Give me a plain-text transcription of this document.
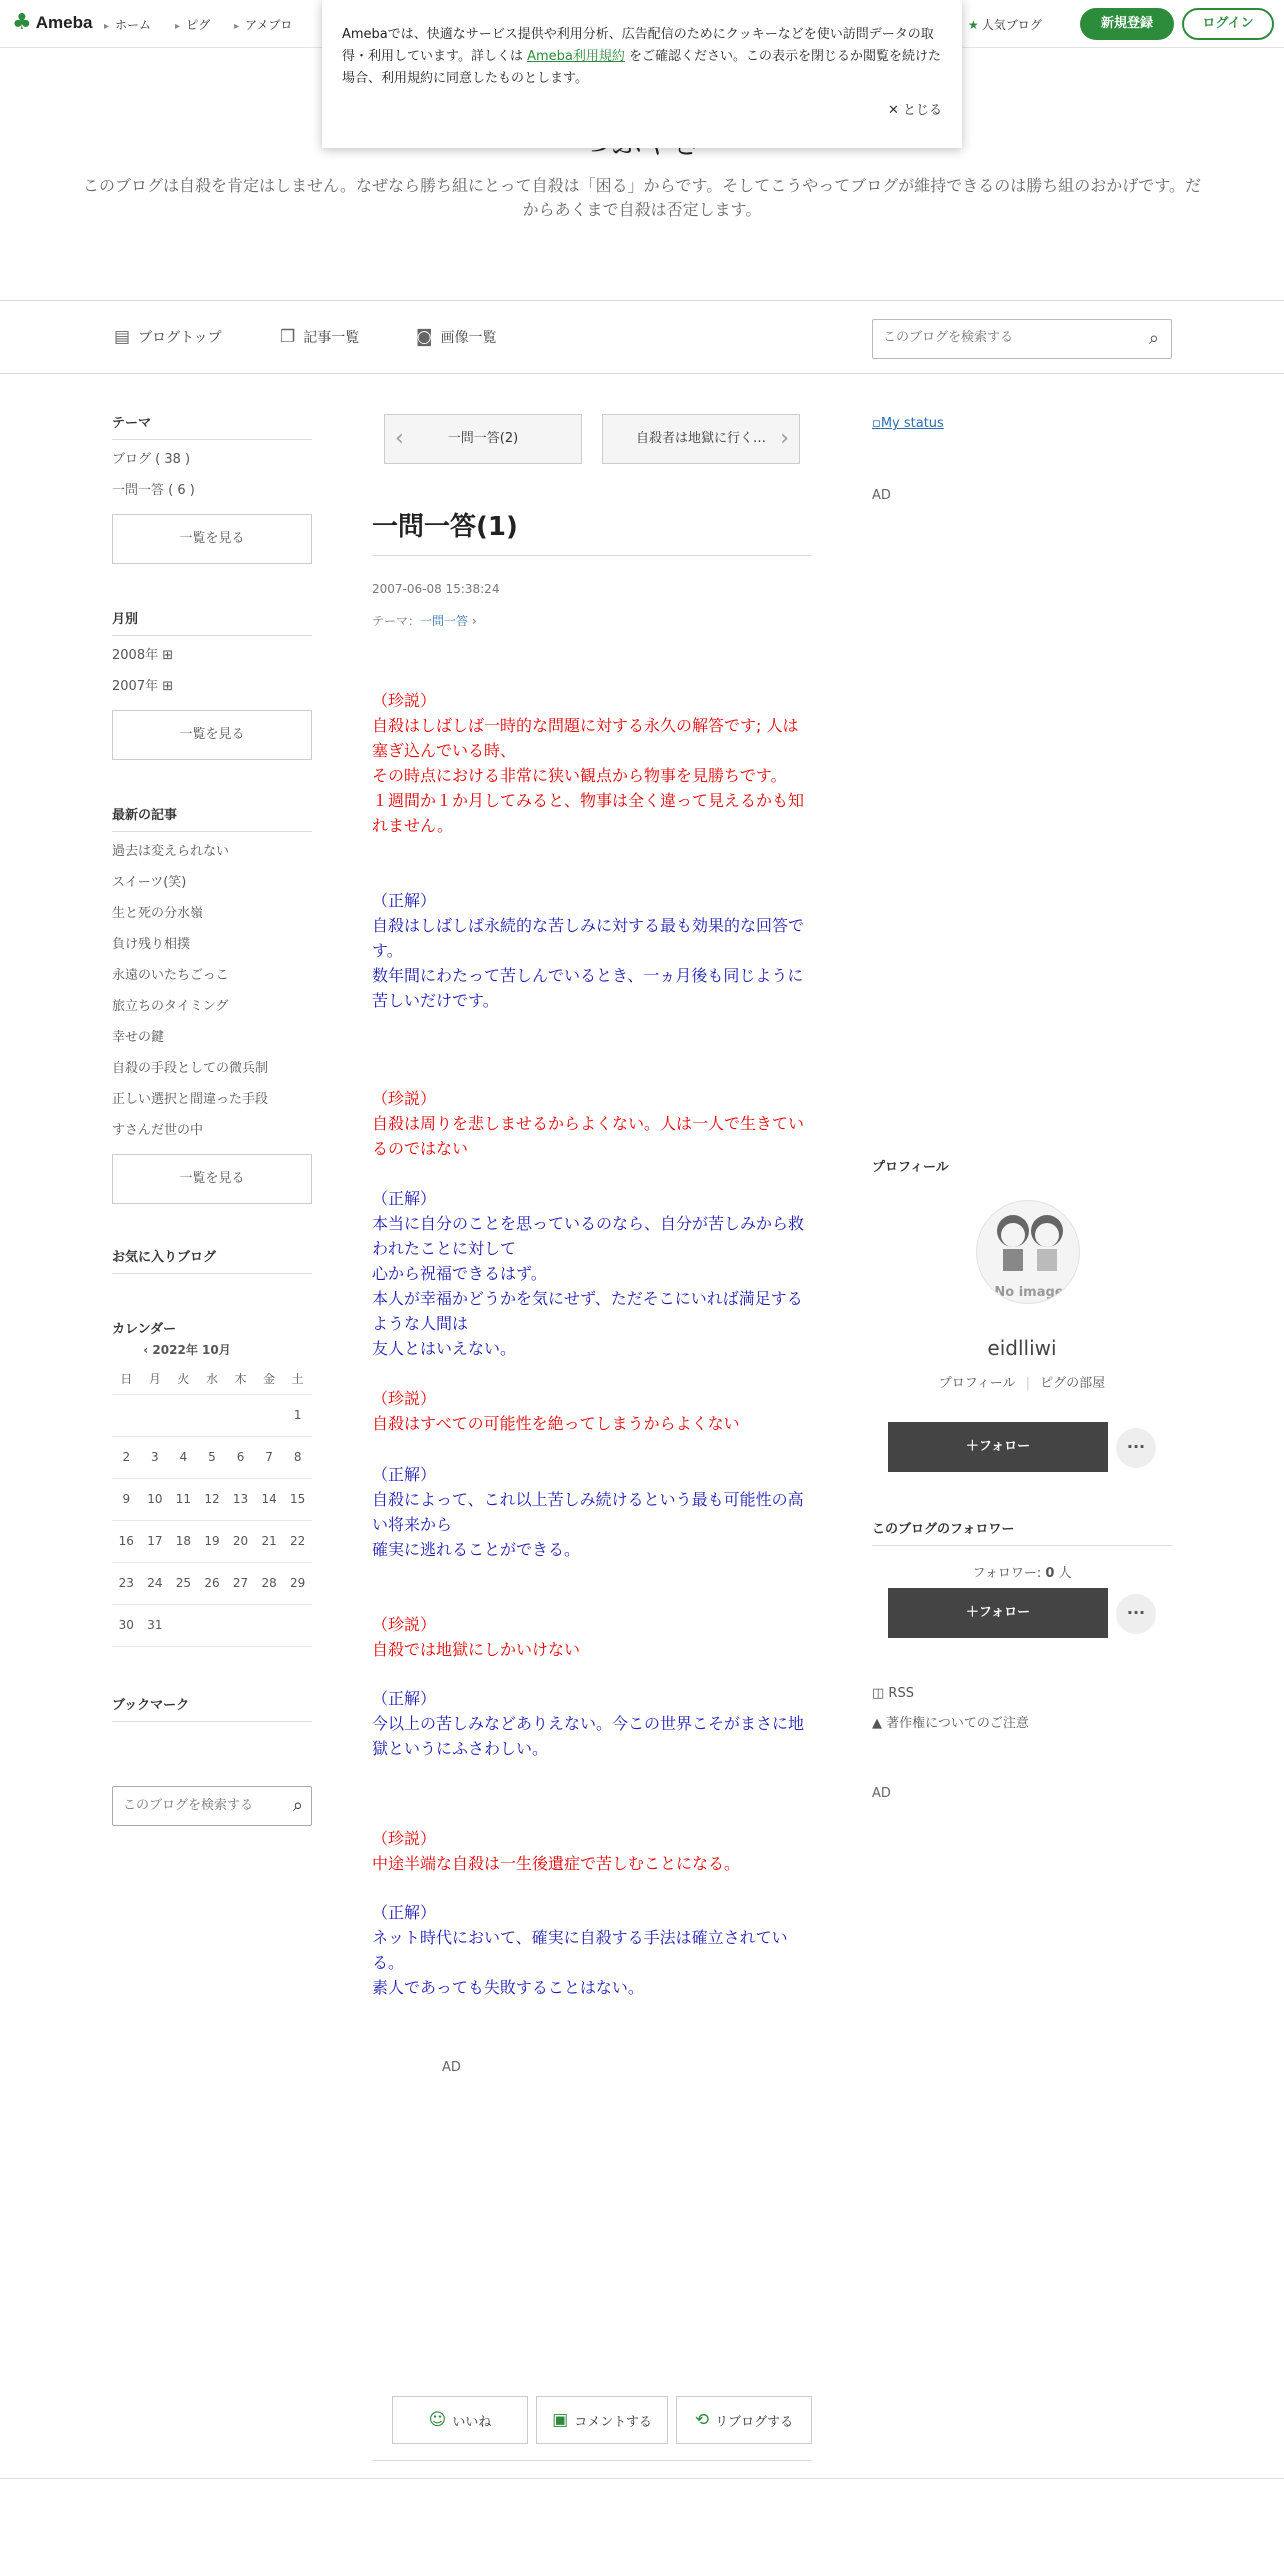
♣ Ameba	▸ ホーム	▸ ピグ	▸ アメブロ	★ 人気ブログ	新規登録	ログイン
Amebaでは、快適なサービス提供や利用分析、広告配信のためにクッキーなどを使い訪問データの取得・利用しています。詳しくは Ameba利用規約 をご確認ください。この表示を閉じるか閲覧を続けた場合、利用規約に同意したものとします。
✕ とじる
このブログは自殺を肯定はしません。なぜなら勝ち組にとって自殺は「困る」からです。そしてこうやってブログが維持できるのは勝ち組のおかげです。だからあくまで自殺は否定します。
▤ ブログトップ	❐ 記事一覧	◙ 画像一覧
このブログを検索する	⌕
テーマ
ブログ ( 38 )
一問一答 ( 6 )
一覧を見る
月別
2008年 ⊞
2007年 ⊞
一覧を見る
最新の記事
過去は変えられない
スイーツ(笑)
生と死の分水嶺
負け残り相撲
永遠のいたちごっこ
旅立ちのタイミング
幸せの鍵
自殺の手段としての微兵制
正しい選択と間違った手段
すさんだ世の中
一覧を見る
お気に入りブログ
カレンダー
‹ 2022年 10月
日	月	火	水	木	金	土
						1
2	3	4	5	6	7	8
9	10	11	12	13	14	15
16	17	18	19	20	21	22
23	24	25	26	27	28	29
30	31					
ブックマーク
このブログを検索する
⌕
‹	一問一答(2)	自殺者は地獄に行く… ›
一問一答(1)
2007-06-08 15:38:24
テーマ：一問一答 ›
（珍説）
自殺はしばしば一時的な問題に対する永久の解答です; 人は塞ぎ込んでいる時、
その時点における非常に狭い観点から物事を見勝ちです。
１週間か１か月してみると、物事は全く違って見えるかも知れません。
（正解）
自殺はしばしば永続的な苦しみに対する最も効果的な回答です。
数年間にわたって苦しんでいるとき、一ヵ月後も同じように苦しいだけです。
（珍説）
自殺は周りを悲しませるからよくない。人は一人で生きているのではない
（正解）
本当に自分のことを思っているのなら、自分が苦しみから救われたことに対して
心から祝福できるはず。
本人が幸福かどうかを気にせず、ただそこにいれば満足するような人間は
友人とはいえない。
（珍説）
自殺はすべての可能性を絶ってしまうからよくない
（正解）
自殺によって、これ以上苦しみ続けるという最も可能性の高い将来から
確実に逃れることができる。
（珍説）
自殺では地獄にしかいけない
（正解）
今以上の苦しみなどありえない。今この世界こそがまさに地獄というにふさわしい。
（珍説）
中途半端な自殺は一生後遺症で苦しむことになる。
（正解）
ネット時代において、確実に自殺する手法は確立されている。
素人であっても失敗することはない。
AD
☺ いいね	▣ コメントする	⟲ リブログする
▫My status
AD
プロフィール
No image
eidlliwi
プロフィール | ピグの部屋
＋フォロー	···
このブログのフォロワー
フォロワー: 0 人
＋フォロー	···
◫ RSS
▲ 著作権についてのご注意
AD
